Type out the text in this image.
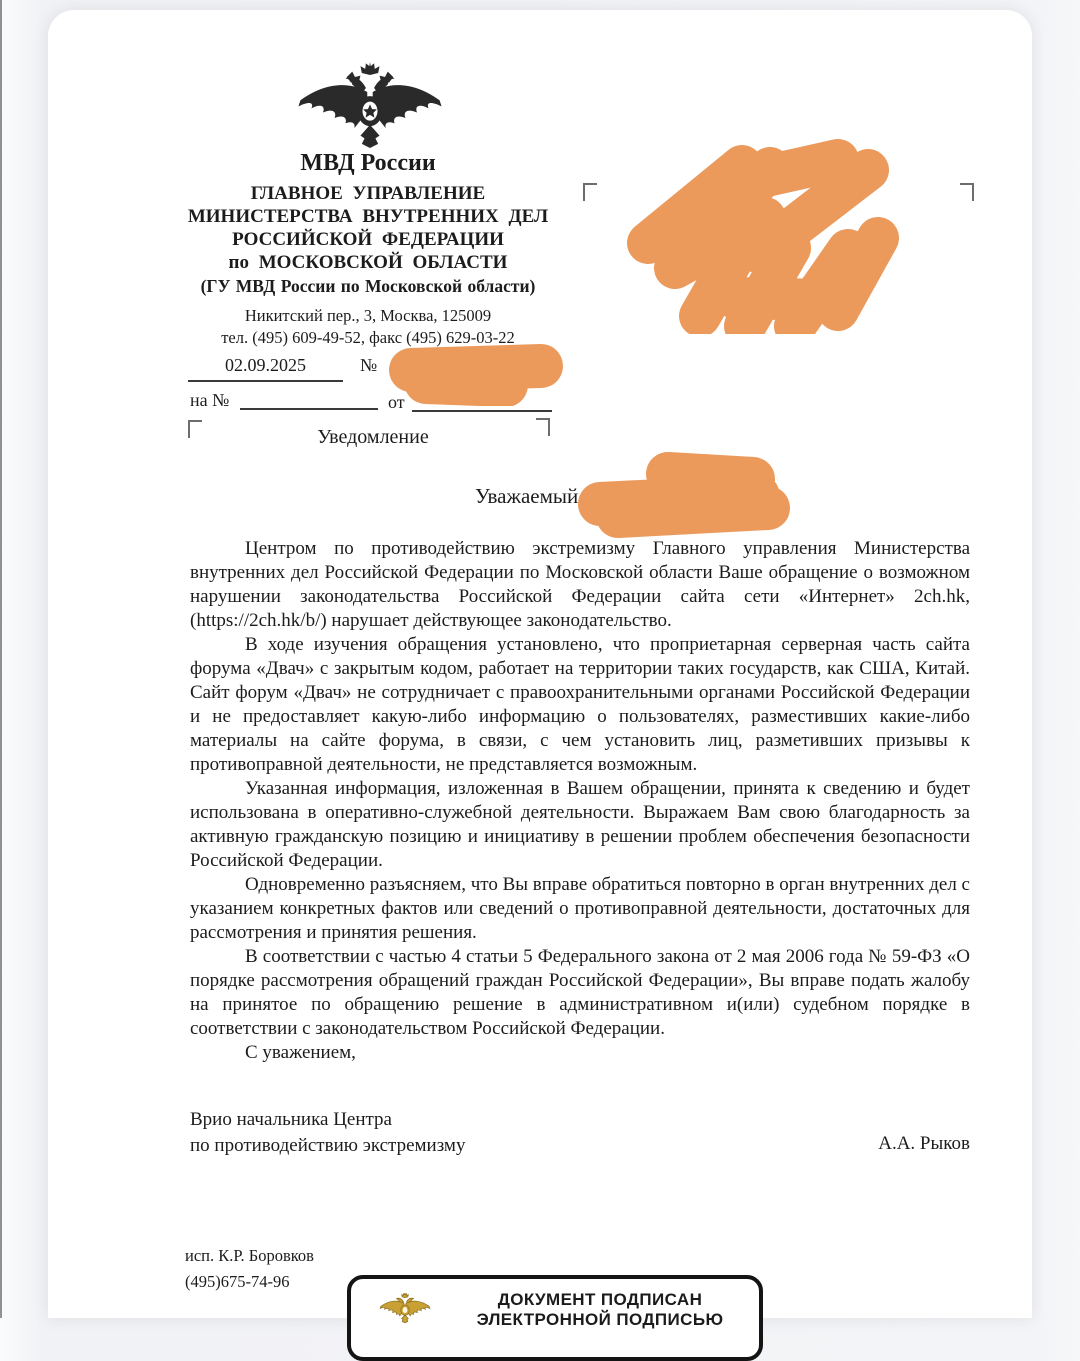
МВД России
ГЛАВНОЕ УПРАВЛЕНИЕ
МИНИСТЕРСТВА ВНУТРЕННИХ ДЕЛ
РОССИЙСКОЙ ФЕДЕРАЦИИ
по МОСКОВСКОЙ ОБЛАСТИ
(ГУ МВД России по Московской области)
Никитский пер., 3, Москва, 125009
тел. (495) 609-49-52, факс (495) 629-03-22
02.09.2025	№
на №	от
Уведомление
Уважаемый

Центром по противодействию экстремизму Главного управления Министерства внутренних дел Российской Федерации по Московской области Ваше обращение о возможном нарушении законодательства Российской Федерации сайта сети «Интернет» 2ch.hk, (https://2ch.hk/b/) нарушает действующее законодательство.

В ходе изучения обращения установлено, что проприетарная серверная часть сайта форума «Двач» с закрытым кодом, работает на территории таких государств, как США, Китай. Сайт форум «Двач» не сотрудничает с правоохранительными органами Российской Федерации и не предоставляет какую-либо информацию о пользователях, разместивших какие-либо материалы на сайте форума, в связи, с чем установить лиц, разметивших призывы к противоправной деятельности, не представляется возможным.

Указанная информация, изложенная в Вашем обращении, принята к сведению и будет использована в оперативно-служебной деятельности. Выражаем Вам свою благодарность за активную гражданскую позицию и инициативу в решении проблем обеспечения безопасности Российской Федерации.

Одновременно разъясняем, что Вы вправе обратиться повторно в орган внутренних дел с указанием конкретных фактов или сведений о противоправной деятельности, достаточных для рассмотрения и принятия решения.

В соответствии с частью 4 статьи 5 Федерального закона от 2 мая 2006 года № 59-ФЗ «О порядке рассмотрения обращений граждан Российской Федерации», Вы вправе подать жалобу на принятое по обращению решение в административном и(или) судебном порядке в соответствии с законодательством Российской Федерации.

С уважением,
Врио начальника Центра
по противодействию экстремизму	А.А. Рыков
исп. К.Р. Боровков
(495)675-74-96
ДОКУМЕНТ ПОДПИСАН
ЭЛЕКТРОННОЙ ПОДПИСЬЮ
